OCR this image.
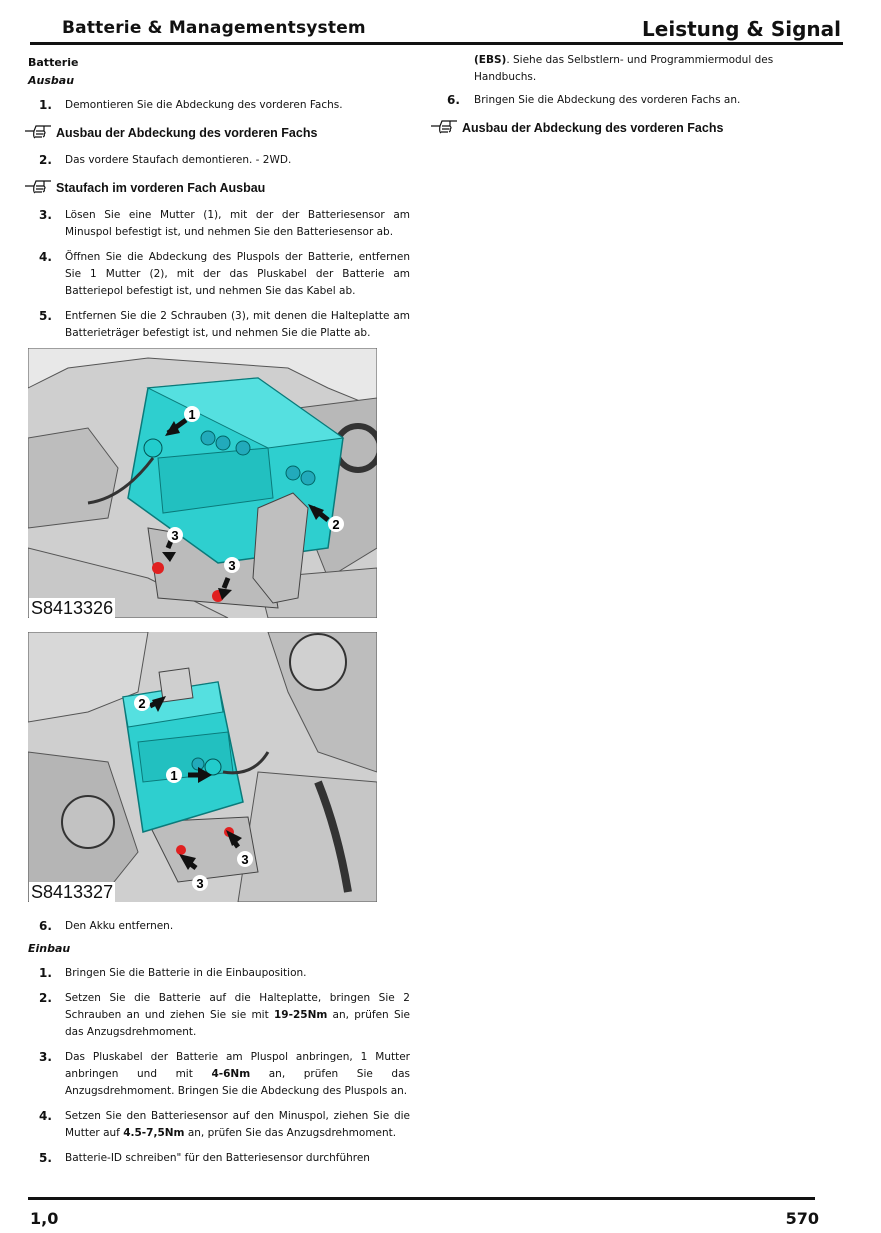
Batterie & Managementsystem	Leistung & Signal
Batterie
Ausbau
1.	Demontieren Sie die Abdeckung des vorderen Fachs.
Ausbau der Abdeckung des vorderen Fachs
2.	Das vordere Staufach demontieren. - 2WD.
Staufach im vorderen Fach Ausbau
3.	Lösen Sie eine Mutter (1), mit der der Batteriesensor am Minuspol befestigt ist, und nehmen Sie den Batteriesensor ab.
4.	Öffnen Sie die Abdeckung des Pluspols der Batterie, entfernen Sie 1 Mutter (2), mit der das Pluskabel der Batterie am Batteriepol befestigt ist, und nehmen Sie das Kabel ab.
5.	Entfernen Sie die 2 Schrauben (3), mit denen die Halteplatte am Batterieträger befestigt ist, und nehmen Sie die Platte ab.
1
2
3
3
S8413326
2
1
3
3
S8413327
6.	Den Akku entfernen.
Einbau
1.	Bringen Sie die Batterie in die Einbauposition.
2.	Setzen Sie die Batterie auf die Halteplatte, bringen Sie 2 Schrauben an und ziehen Sie sie mit 19-25Nm an, prüfen Sie das Anzugsdrehmoment.
3.	Das Pluskabel der Batterie am Pluspol anbringen, 1 Mutter anbringen und mit 4-6Nm an, prüfen Sie das Anzugsdrehmoment. Bringen Sie die Abdeckung des Pluspols an.
4.	Setzen Sie den Batteriesensor auf den Minuspol, ziehen Sie die Mutter auf 4.5-7,5Nm an, prüfen Sie das Anzugsdrehmoment.
5.	Batterie-ID schreiben" für den Batteriesensor durchführen
(EBS). Siehe das Selbstlern- und Programmiermodul des Handbuchs.
6.	Bringen Sie die Abdeckung des vorderen Fachs an.
Ausbau der Abdeckung des vorderen Fachs
1,0	570
